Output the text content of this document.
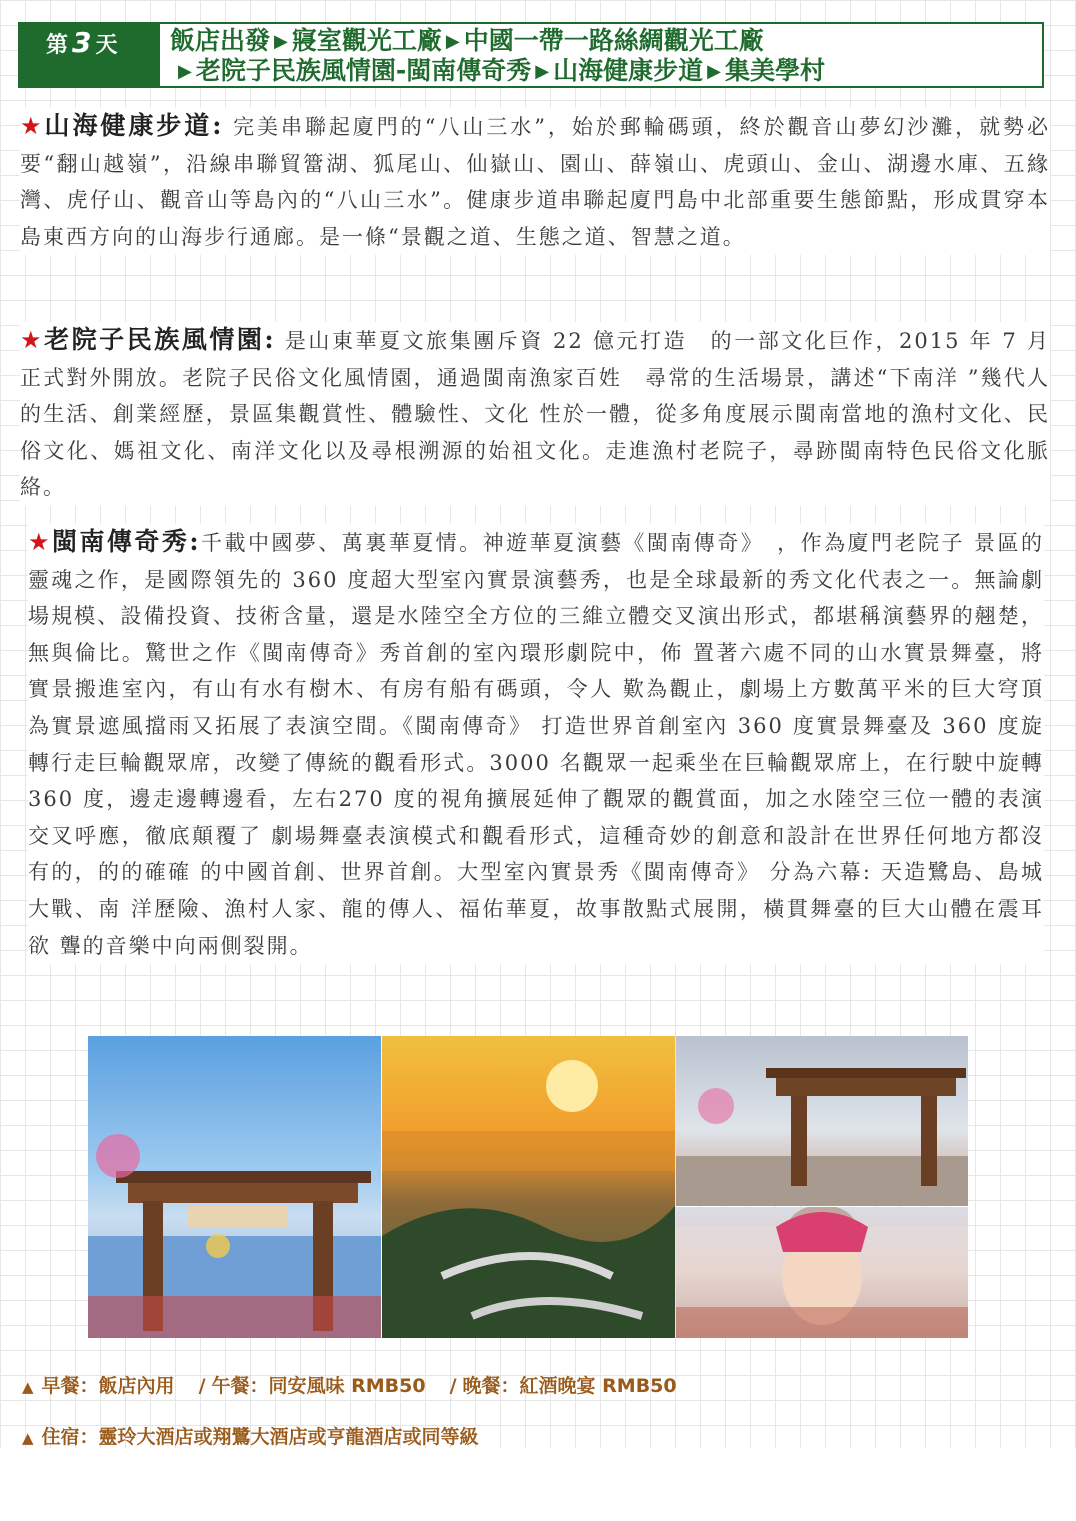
第 3 天 飯店出發 ▶ 寢室觀光工廠 ▶ 中國一帶一路絲綢觀光工廠
▶ 老院子民族風情園-閩南傳奇秀 ▶ 山海健康步道 ▶ 集美學村
★山海健康步道: 完美串聯起廈門的“八山三水”，始於郵輪碼頭，終於觀音山夢幻沙灘，就勢必要“翻山越嶺”，沿線串聯貿簹湖、狐尾山、仙嶽山、園山、薛嶺山、虎頭山、金山、湖邊水庫、五緣灣、虎仔山、觀音山等島內的“八山三水”。健康步道串聯起廈門島中北部重要生態節點，形成貫穿本島東西方向的山海步行通廊。是一條“景觀之道、生態之道、智慧之道。
★老院子民族風情園: 是山東華夏文旅集團斥資 22 億元打造　的一部文化巨作，2015 年 7 月正式對外開放。老院子民俗文化風情園，通過閩南漁家百姓　尋常的生活場景，講述“下南洋 ”幾代人的生活、創業經歷，景區集觀賞性、體驗性、文化 性於一體，從多角度展示閩南當地的漁村文化、民俗文化、媽祖文化、南洋文化以及尋根溯源的始祖文化。走進漁村老院子，尋跡閩南特色民俗文化脈絡。
★閩南傳奇秀:千載中國夢、萬裏華夏情。神遊華夏演藝《閩南傳奇》　，作為廈門老院子 景區的靈魂之作，是國際領先的 360 度超大型室內實景演藝秀，也是全球最新的秀文化代表之一。無論劇場規模、設備投資、技術含量，還是水陸空全方位的三維立體交叉演出形式，都堪稱演藝界的翹楚，無與倫比。驚世之作《閩南傳奇》秀首創的室內環形劇院中，佈 置著六處不同的山水實景舞臺，將實景搬進室內，有山有水有樹木、有房有船有碼頭，令人 歎為觀止，劇場上方數萬平米的巨大穹頂為實景遮風擋雨又拓展了表演空間。《閩南傳奇》 打造世界首創室內 360 度實景舞臺及 360 度旋轉行走巨輪觀眾席，改變了傳統的觀看形式。3000 名觀眾一起乘坐在巨輪觀眾席上，在行駛中旋轉 360 度，邊走邊轉邊看，左右270 度的視角擴展延伸了觀眾的觀賞面，加之水陸空三位一體的表演交叉呼應，徹底顛覆了 劇場舞臺表演模式和觀看形式，這種奇妙的創意和設計在世界任何地方都沒有的，的的確確 的中國首創、世界首創。大型室內實景秀《閩南傳奇》 分為六幕: 天造鷺島、島城大戰、南 洋歷險、漁村人家、龍的傳人、福佑華夏，故事散點式展開，橫貫舞臺的巨大山體在震耳欲 聾的音樂中向兩側裂開。
▲ 早餐：飯店內用 / 午餐：同安風味 RMB50 / 晚餐：紅酒晚宴 RMB50
▲ 住宿：靈玲大酒店或翔鷺大酒店或亨龍酒店或同等級
